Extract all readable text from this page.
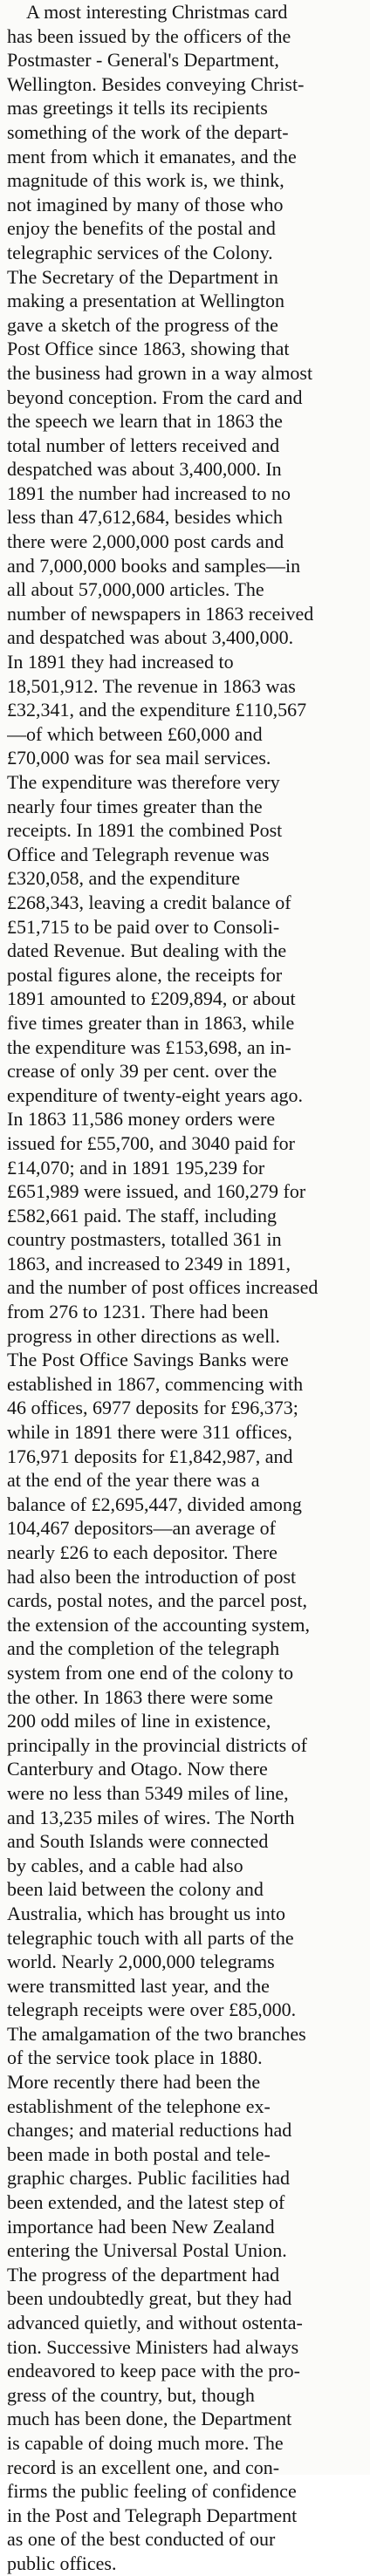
A most interesting Christmas card
has been issued by the officers of the
Postmaster - General's Department,
Wellington. Besides conveying Christ-
mas greetings it tells its recipients
something of the work of the depart-
ment from which it emanates, and the
magnitude of this work is, we think,
not imagined by many of those who
enjoy the benefits of the postal and
telegraphic services of the Colony.
The Secretary of the Department in
making a presentation at Wellington
gave a sketch of the progress of the
Post Office since 1863, showing that
the business had grown in a way almost
beyond conception. From the card and
the speech we learn that in 1863 the
total number of letters received and
despatched was about 3,400,000. In
1891 the number had increased to no
less than 47,612,684, besides which
there were 2,000,000 post cards and
and 7,000,000 books and samples—in
all about 57,000,000 articles. The
number of newspapers in 1863 received
and despatched was about 3,400,000.
In 1891 they had increased to
18,501,912. The revenue in 1863 was
£32,341, and the expenditure £110,567
—of which between £60,000 and
£70,000 was for sea mail services.
The expenditure was therefore very
nearly four times greater than the
receipts. In 1891 the combined Post
Office and Telegraph revenue was
£320,058, and the expenditure
£268,343, leaving a credit balance of
£51,715 to be paid over to Consoli-
dated Revenue. But dealing with the
postal figures alone, the receipts for
1891 amounted to £209,894, or about
five times greater than in 1863, while
the expenditure was £153,698, an in-
crease of only 39 per cent. over the
expenditure of twenty-eight years ago.
In 1863 11,586 money orders were
issued for £55,700, and 3040 paid for
£14,070; and in 1891 195,239 for
£651,989 were issued, and 160,279 for
£582,661 paid. The staff, including
country postmasters, totalled 361 in
1863, and increased to 2349 in 1891,
and the number of post offices increased
from 276 to 1231. There had been
progress in other directions as well.
The Post Office Savings Banks were
established in 1867, commencing with
46 offices, 6977 deposits for £96,373;
while in 1891 there were 311 offices,
176,971 deposits for £1,842,987, and
at the end of the year there was a
balance of £2,695,447, divided among
104,467 depositors—an average of
nearly £26 to each depositor. There
had also been the introduction of post
cards, postal notes, and the parcel post,
the extension of the accounting system,
and the completion of the telegraph
system from one end of the colony to
the other. In 1863 there were some
200 odd miles of line in existence,
principally in the provincial districts of
Canterbury and Otago. Now there
were no less than 5349 miles of line,
and 13,235 miles of wires. The North
and South Islands were connected
by cables, and a cable had also
been laid between the colony and
Australia, which has brought us into
telegraphic touch with all parts of the
world. Nearly 2,000,000 telegrams
were transmitted last year, and the
telegraph receipts were over £85,000.
The amalgamation of the two branches
of the service took place in 1880.
More recently there had been the
establishment of the telephone ex-
changes; and material reductions had
been made in both postal and tele-
graphic charges. Public facilities had
been extended, and the latest step of
importance had been New Zealand
entering the Universal Postal Union.
The progress of the department had
been undoubtedly great, but they had
advanced quietly, and without ostenta-
tion. Successive Ministers had always
endeavored to keep pace with the pro-
gress of the country, but, though
much has been done, the Department
is capable of doing much more. The
record is an excellent one, and con-
firms the public feeling of confidence
in the Post and Telegraph Department
as one of the best conducted of our
public offices.
